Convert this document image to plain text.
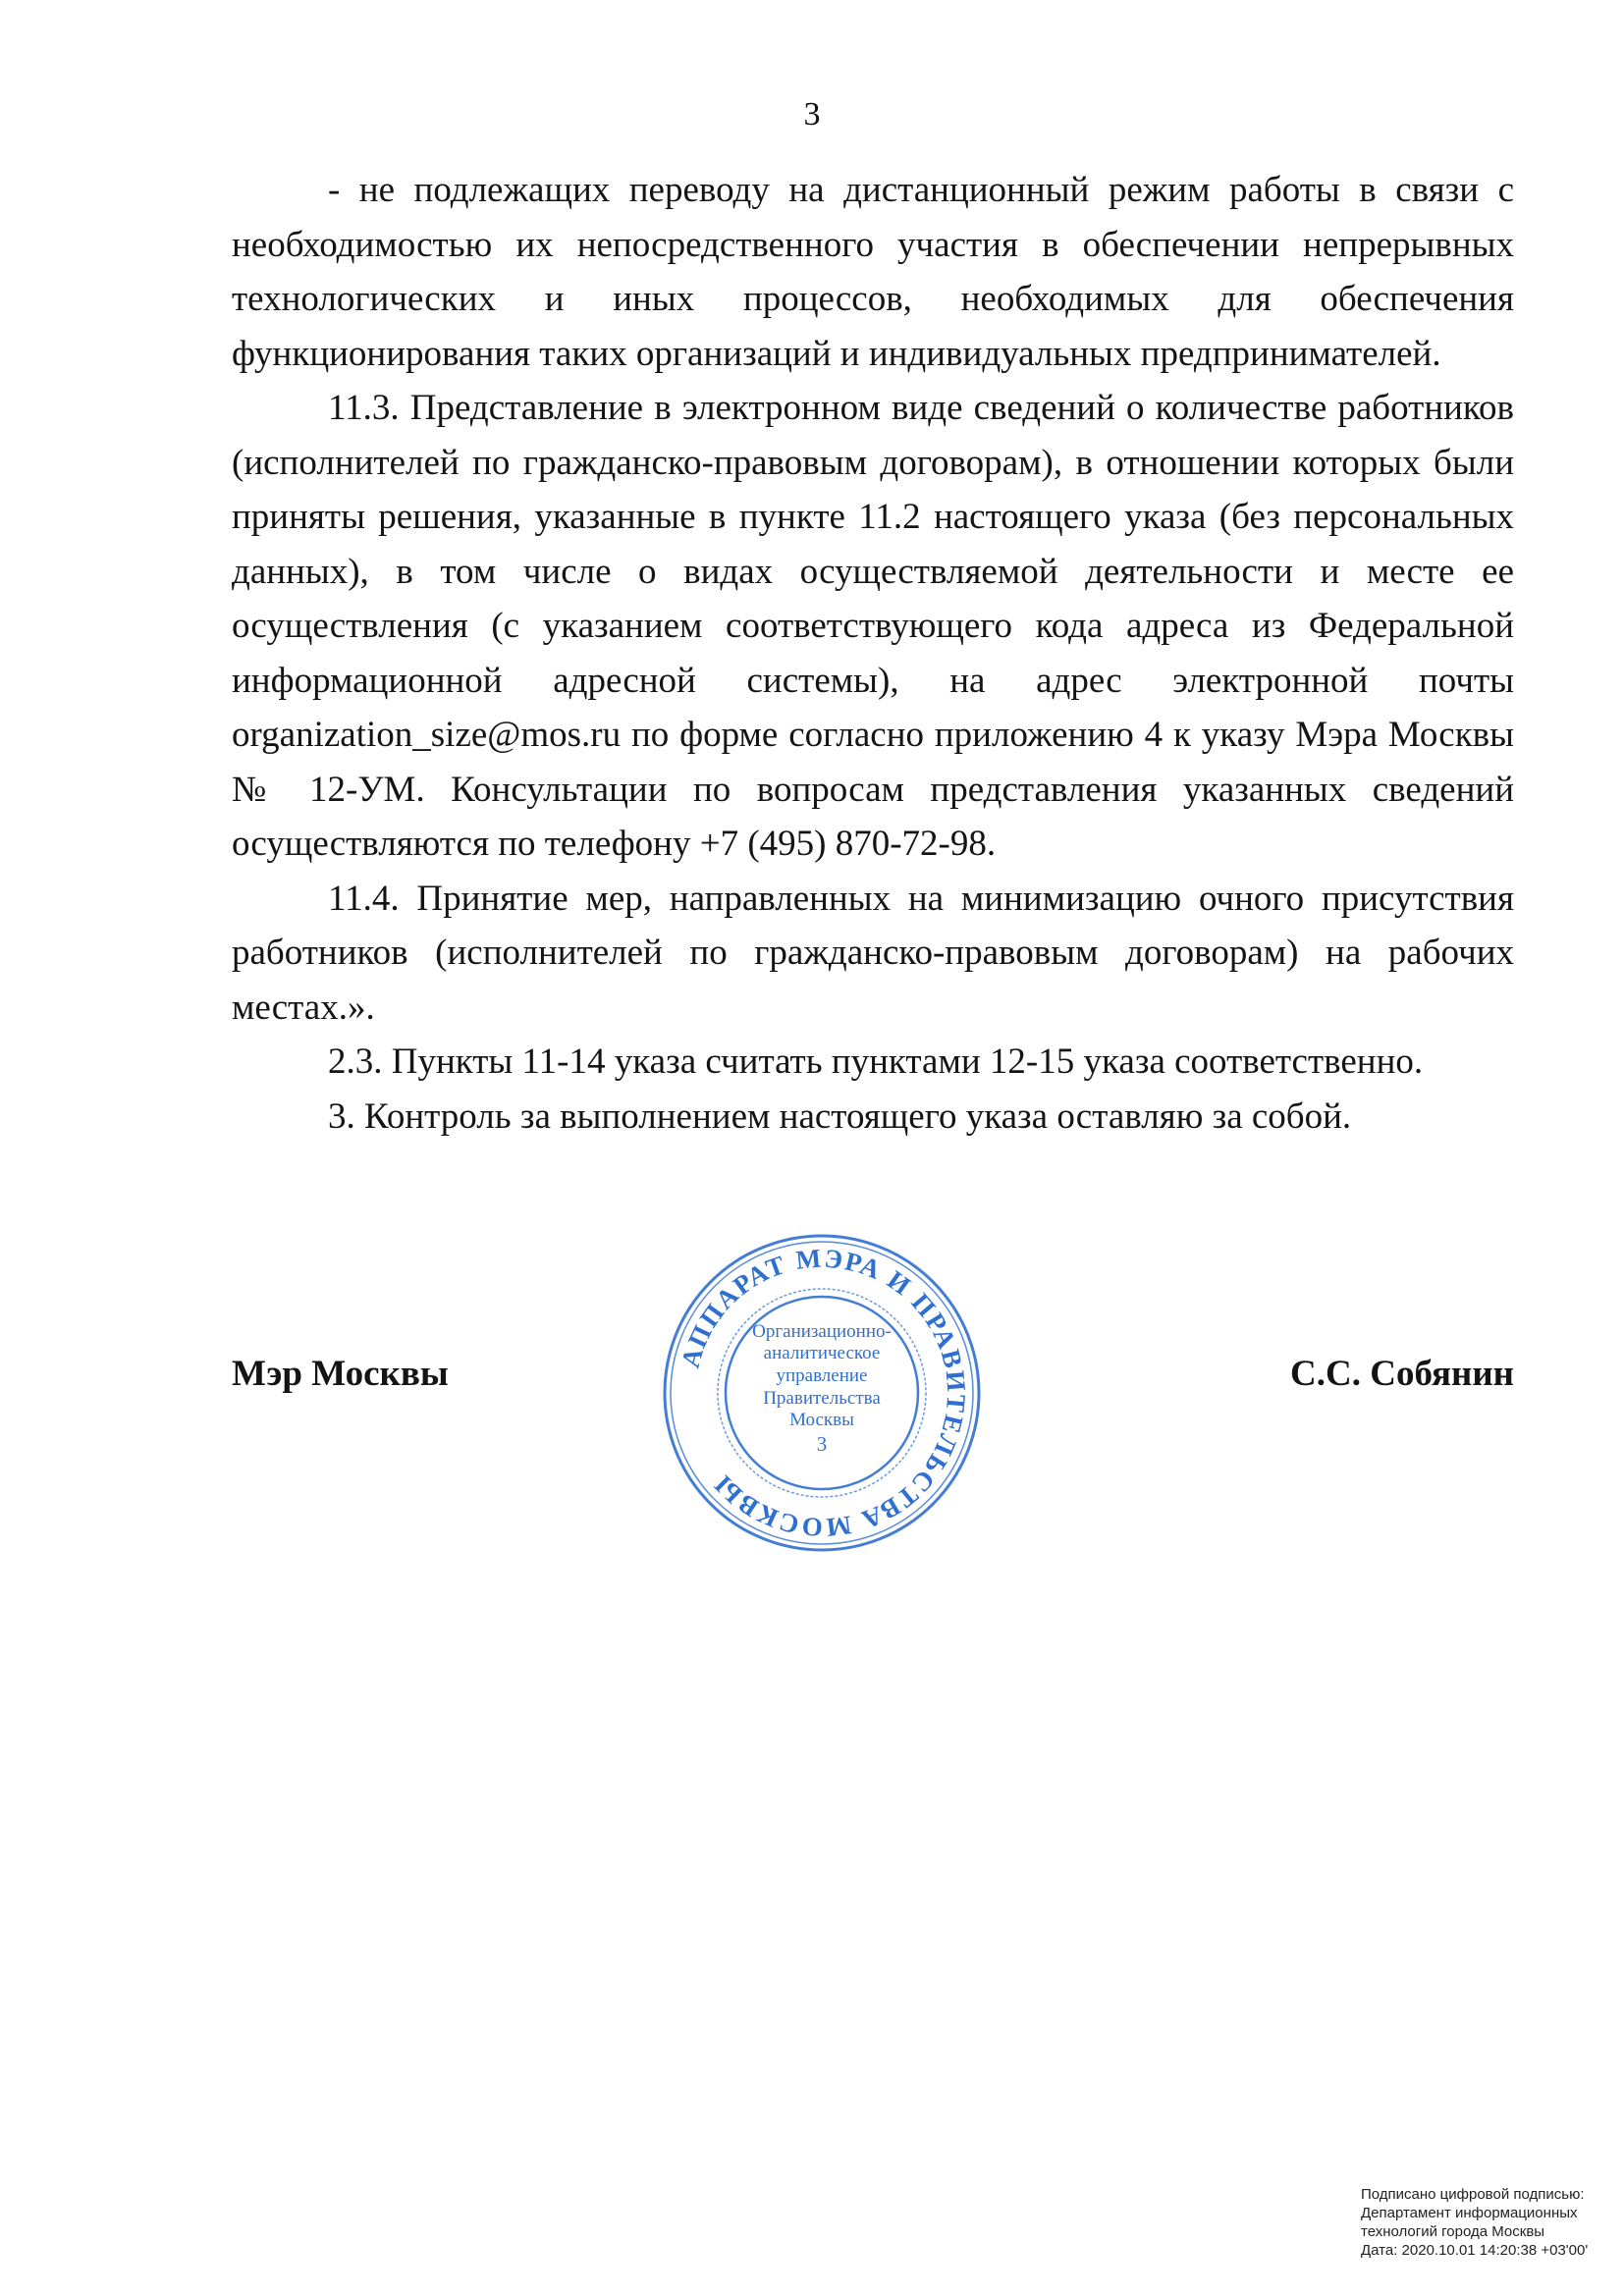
3

- не подлежащих переводу на дистанционный режим работы в связи с необходимостью их непосредственного участия в обеспечении непрерывных технологических и иных процессов, необходимых для обеспечения функционирования таких организаций и индивидуальных предпринимателей.

11.3. Представление в электронном виде сведений о количестве работников (исполнителей по гражданско-правовым договорам), в отношении которых были приняты решения, указанные в пункте 11.2 настоящего указа (без персональных данных), в том числе о видах осуществляемой деятельности и месте ее осуществления (с указанием соответствующего кода адреса из Федеральной информационной адресной системы), на адрес электронной почты organization_size@mos.ru по форме согласно приложению 4 к указу Мэра Москвы № 12-УМ. Консультации по вопросам представления указанных сведений осуществляются по телефону +7 (495) 870-72-98.

11.4. Принятие мер, направленных на минимизацию очного присутствия работников (исполнителей по гражданско-правовым договорам) на рабочих местах.».

2.3. Пункты 11-14 указа считать пунктами 12-15 указа соответственно.

3. Контроль за выполнением настоящего указа оставляю за собой.

Мэр Москвы	С.С. Собянин
АППАРАТ МЭРА И ПРАВИТЕЛЬСТВА МОСКВЫ
Организационно-
аналитическое
управление
Правительства
Москвы
3
Подписано цифровой подписью:
Департамент информационных
технологий города Москвы
Дата: 2020.10.01 14:20:38 +03'00'
